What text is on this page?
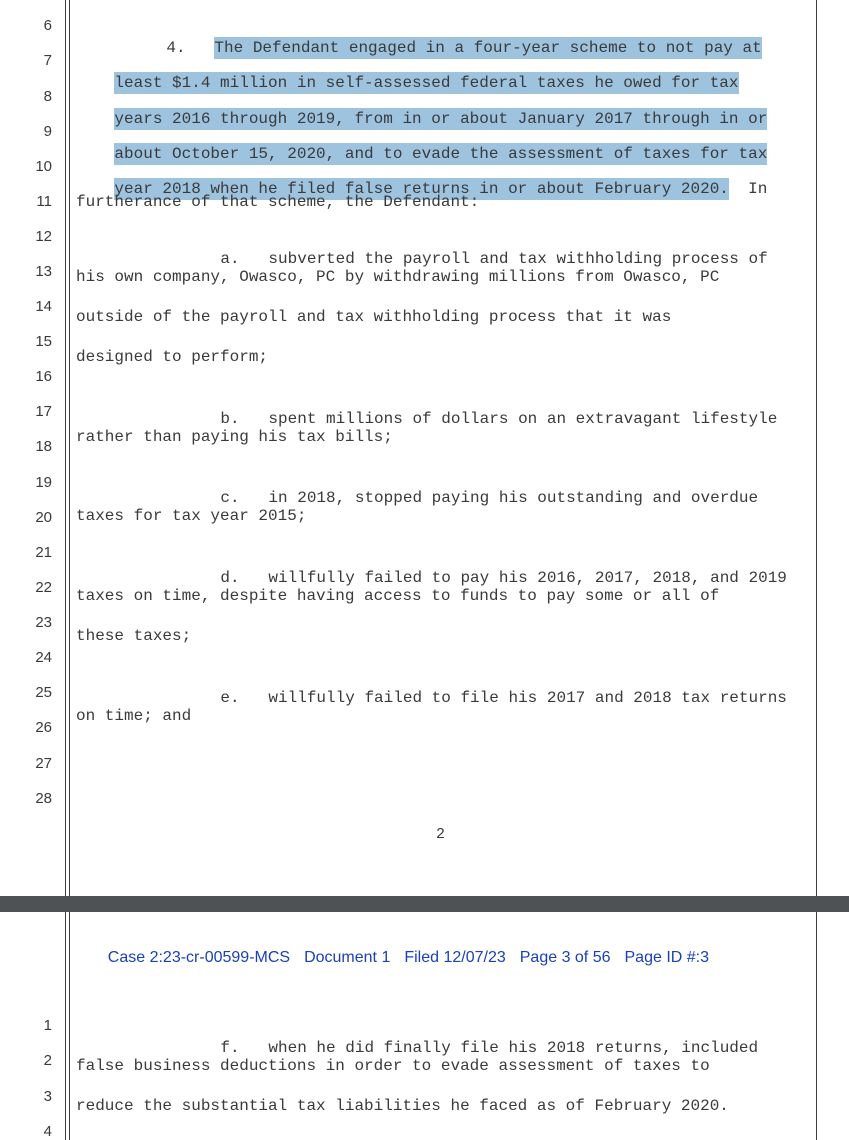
6
7
8
9
10
11
12
13
14
15
16
17
18
19
20
21
22
23
24
25
26
27
28

4. The Defendant engaged in a four-year scheme to not pay at

least $1.4 million in self-assessed federal taxes he owed for tax

years 2016 through 2019, from in or about January 2017 through in or

about October 15, 2020, and to evade the assessment of taxes for tax

year 2018 when he filed false returns in or about February 2020. In

furtherance of that scheme, the Defendant:

a. subverted the payroll and tax withholding process of

his own company, Owasco, PC by withdrawing millions from Owasco, PC
outside of the payroll and tax withholding process that it was
designed to perform;

b. spent millions of dollars on an extravagant lifestyle

rather than paying his tax bills;

c. in 2018, stopped paying his outstanding and overdue

taxes for tax year 2015;

d. willfully failed to pay his 2016, 2017, 2018, and 2019

taxes on time, despite having access to funds to pay some or all of
these taxes;

e. willfully failed to file his 2017 and 2018 tax returns

on time; and
2

Case 2:23-cr-00599-MCS Document 1 Filed 12/07/23 Page 3 of 56 Page ID #:3

1
2
3
4

f. when he did finally file his 2018 returns, included

false business deductions in order to evade assessment of taxes to
reduce the substantial tax liabilities he faced as of February 2020.
